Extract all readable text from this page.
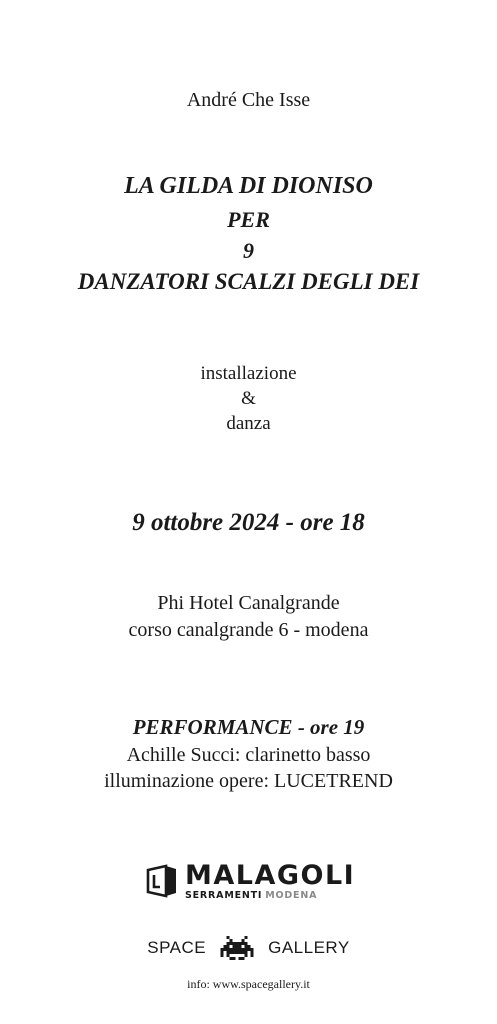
André Che Isse
LA GILDA DI DIONISO
PER
9
DANZATORI SCALZI DEGLI DEI
installazione
&
danza
9 ottobre 2024 - ore 18
Phi Hotel Canalgrande
corso canalgrande 6 - modena
PERFORMANCE - ore 19
Achille Succi: clarinetto basso
illuminazione opere: LUCETREND
MALAGOLI
SERRAMENTI MODENA
SPACE	GALLERY
info: www.spacegallery.it
